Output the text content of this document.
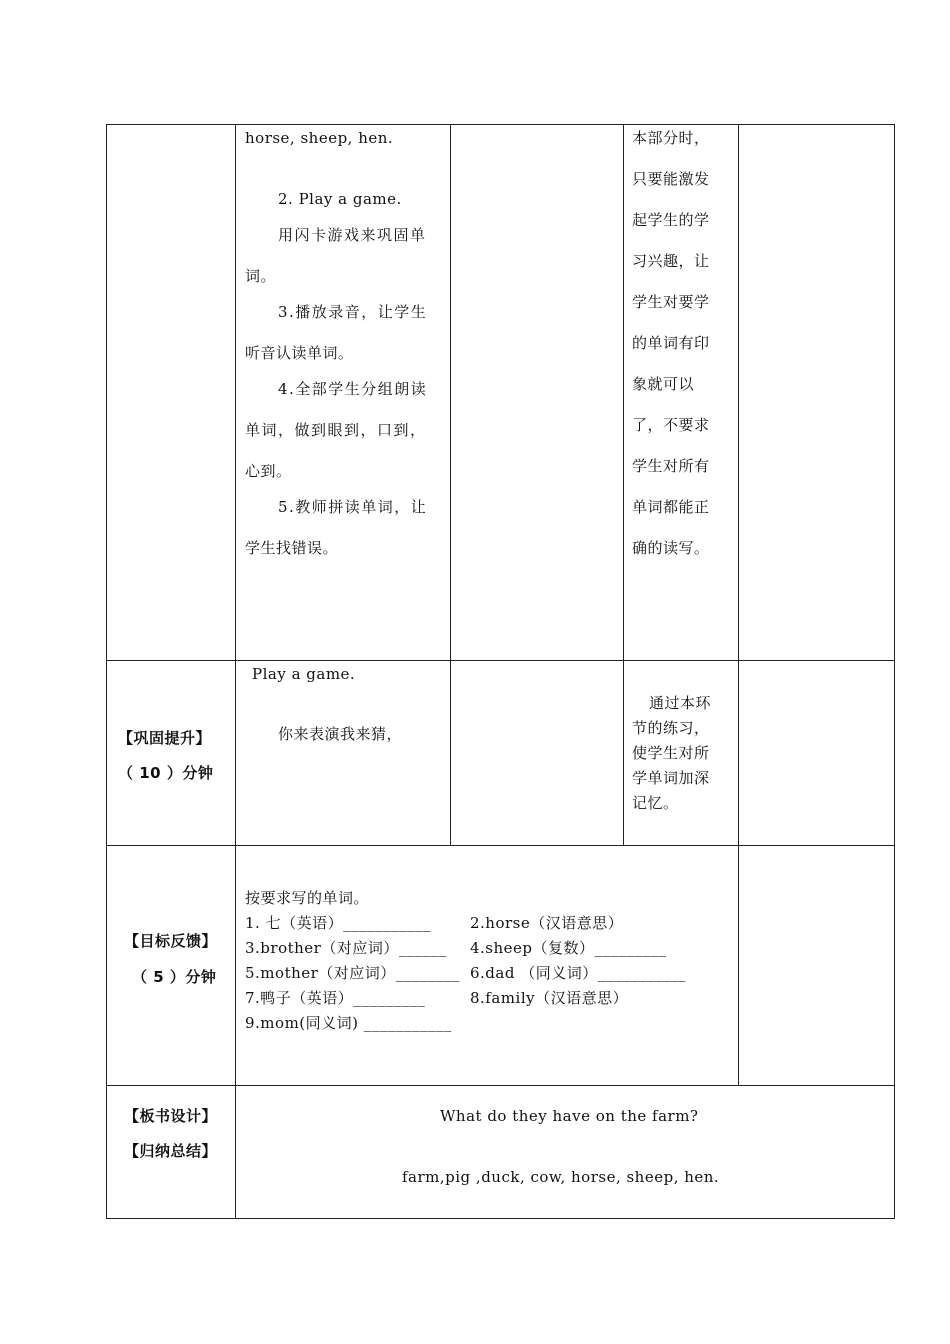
horse, sheep, hen.
2. Play a game.
用闪卡游戏来巩固单
词。
3.播放录音，让学生
听音认读单词。
4.全部学生分组朗读
单词，做到眼到，口到，
心到。
5.教师拼读单词，让
学生找错误。
本部分时，
只要能激发
起学生的学
习兴趣，让
学生对要学
的单词有印
象就可以
了，不要求
学生对所有
单词都能正
确的读写。
【巩固提升】
（ 10 ）分钟
Play a game.
你来表演我来猜，
通过本环
节的练习，
使学生对所
学单词加深
记忆。
【目标反馈】
（ 5 ）分钟
按要求写的单词。
1. 七（英语）___________
3.brother（对应词）______
5.mother（对应词）________
7.鸭子（英语）_________
9.mom(同义词) ___________
2.horse（汉语意思）
4.sheep（复数）_________
6.dad （同义词）___________
8.family（汉语意思）
【板书设计】
【归纳总结】
What do they have on the farm?
farm,pig ,duck, cow, horse, sheep, hen.
